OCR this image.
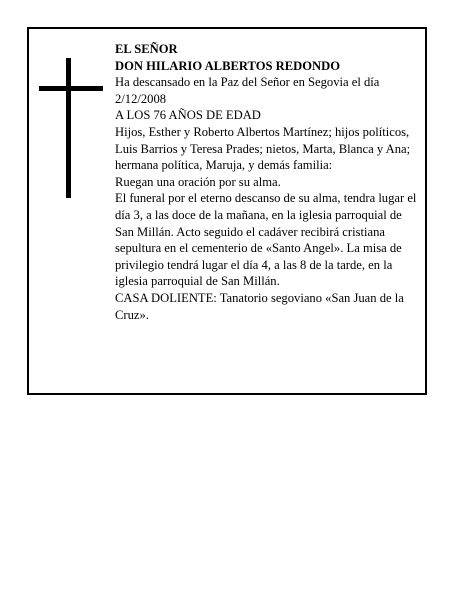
EL SEÑOR

DON HILARIO ALBERTOS REDONDO

Ha descansado en la Paz del Señor en Segovia el día 2/12/2008

A LOS 76 AÑOS DE EDAD

Hijos, Esther y Roberto Albertos Martínez; hijos políticos, Luis Barrios y Teresa Prades; nietos, Marta, Blanca y Ana; hermana política, Maruja, y demás familia:

Ruegan una oración por su alma.

El funeral por el eterno descanso de su alma, tendra lugar el día 3, a las doce de la mañana, en la iglesia parroquial de San Millán. Acto seguido el cadáver recibirá cristiana sepultura en el cementerio de «Santo Angel». La misa de privilegio tendrá lugar el día 4, a las 8 de la tarde, en la iglesia parroquial de San Millán.

CASA DOLIENTE: Tanatorio segoviano «San Juan de la Cruz».
